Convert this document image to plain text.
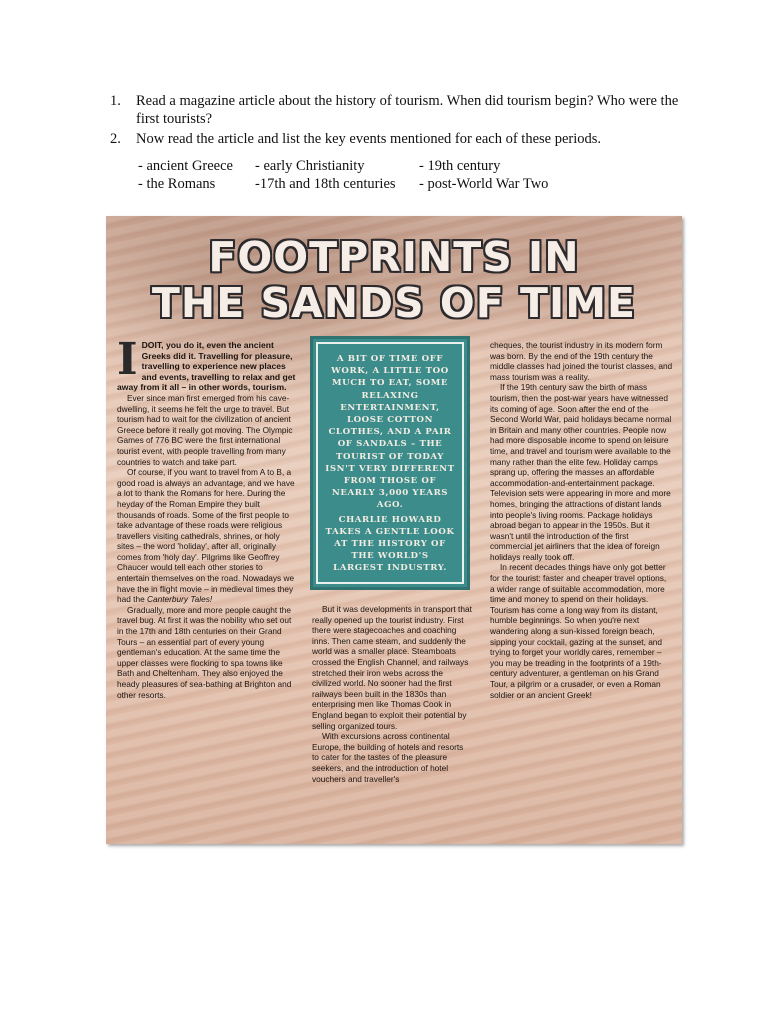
1.	Read a magazine article about the history of tourism. When did tourism begin? Who were the first tourists?
2.	Now read the article and list the key events mentioned for each of these periods.
- ancient Greece	- early Christianity	- 19th century
- the Romans	-17th and 18th centuries	- post-World War Two
FOOTPRINTS IN
THE SANDS OF TIME

IDOIT, you do it, even the ancient Greeks did it. Travelling for pleasure, travelling to experience new places and events, travelling to relax and get away from it all – in other words, tourism.

Ever since man first emerged from his cave-dwelling, it seems he felt the urge to travel. But tourism had to wait for the civilization of ancient Greece before it really got moving. The Olympic Games of 776 BC were the first international tourist event, with people travelling from many countries to watch and take part.

Of course, if you want to travel from A to B, a good road is always an advantage, and we have a lot to thank the Romans for here. During the heyday of the Roman Empire they built thousands of roads. Some of the first people to take advantage of these roads were religious travellers visiting cathedrals, shrines, or holy sites – the word 'holiday', after all, originally comes from 'holy day'. Pilgrims like Geoffrey Chaucer would tell each other stories to entertain themselves on the road. Nowadays we have the in flight movie – in medieval times they had the Canterbury Tales!

Gradually, more and more people caught the travel bug. At first it was the nobility who set out in the 17th and 18th centuries on their Grand Tours – an essential part of every young gentleman's education. At the same time the upper classes were flocking to spa towns like Bath and Cheltenham. They also enjoyed the heady pleasures of sea-bathing at Brighton and other resorts.

A BIT OF TIME OFF WORK, A LITTLE TOO MUCH TO EAT, SOME RELAXING ENTERTAINMENT, LOOSE COTTON CLOTHES, AND A PAIR OF SANDALS – THE TOURIST OF TODAY ISN'T VERY DIFFERENT FROM THOSE OF NEARLY 3,000 YEARS AGO.

CHARLIE HOWARD TAKES A GENTLE LOOK AT THE HISTORY OF THE WORLD'S LARGEST INDUSTRY.

But it was developments in transport that really opened up the tourist industry. First there were stagecoaches and coaching inns. Then came steam, and suddenly the world was a smaller place. Steamboats crossed the English Channel, and railways stretched their iron webs across the civilized world. No sooner had the first railways been built in the 1830s than enterprising men like Thomas Cook in England began to exploit their potential by selling organized tours.

With excursions across continental Europe, the building of hotels and resorts to cater for the tastes of the pleasure seekers, and the introduction of hotel vouchers and traveller's

cheques, the tourist industry in its modern form was born. By the end of the 19th century the middle classes had joined the tourist classes, and mass tourism was a reality.

If the 19th century saw the birth of mass tourism, then the post-war years have witnessed its coming of age. Soon after the end of the Second World War, paid holidays became normal in Britain and many other countries. People now had more disposable income to spend on leisure time, and travel and tourism were available to the many rather than the elite few. Holiday camps sprang up, offering the masses an affordable accommodation-and-entertainment package. Television sets were appearing in more and more homes, bringing the attractions of distant lands into people's living rooms. Package holidays abroad began to appear in the 1950s. But it wasn't until the introduction of the first commercial jet airliners that the idea of foreign holidays really took off.

In recent decades things have only got better for the tourist: faster and cheaper travel options, a wider range of suitable accommodation, more time and money to spend on their holidays. Tourism has come a long way from its distant, humble beginnings. So when you're next wandering along a sun-kissed foreign beach, sipping your cocktail, gazing at the sunset, and trying to forget your worldly cares, remember – you may be treading in the footprints of a 19th-century adventurer, a gentleman on his Grand Tour, a pilgrim or a crusader, or even a Roman soldier or an ancient Greek!
